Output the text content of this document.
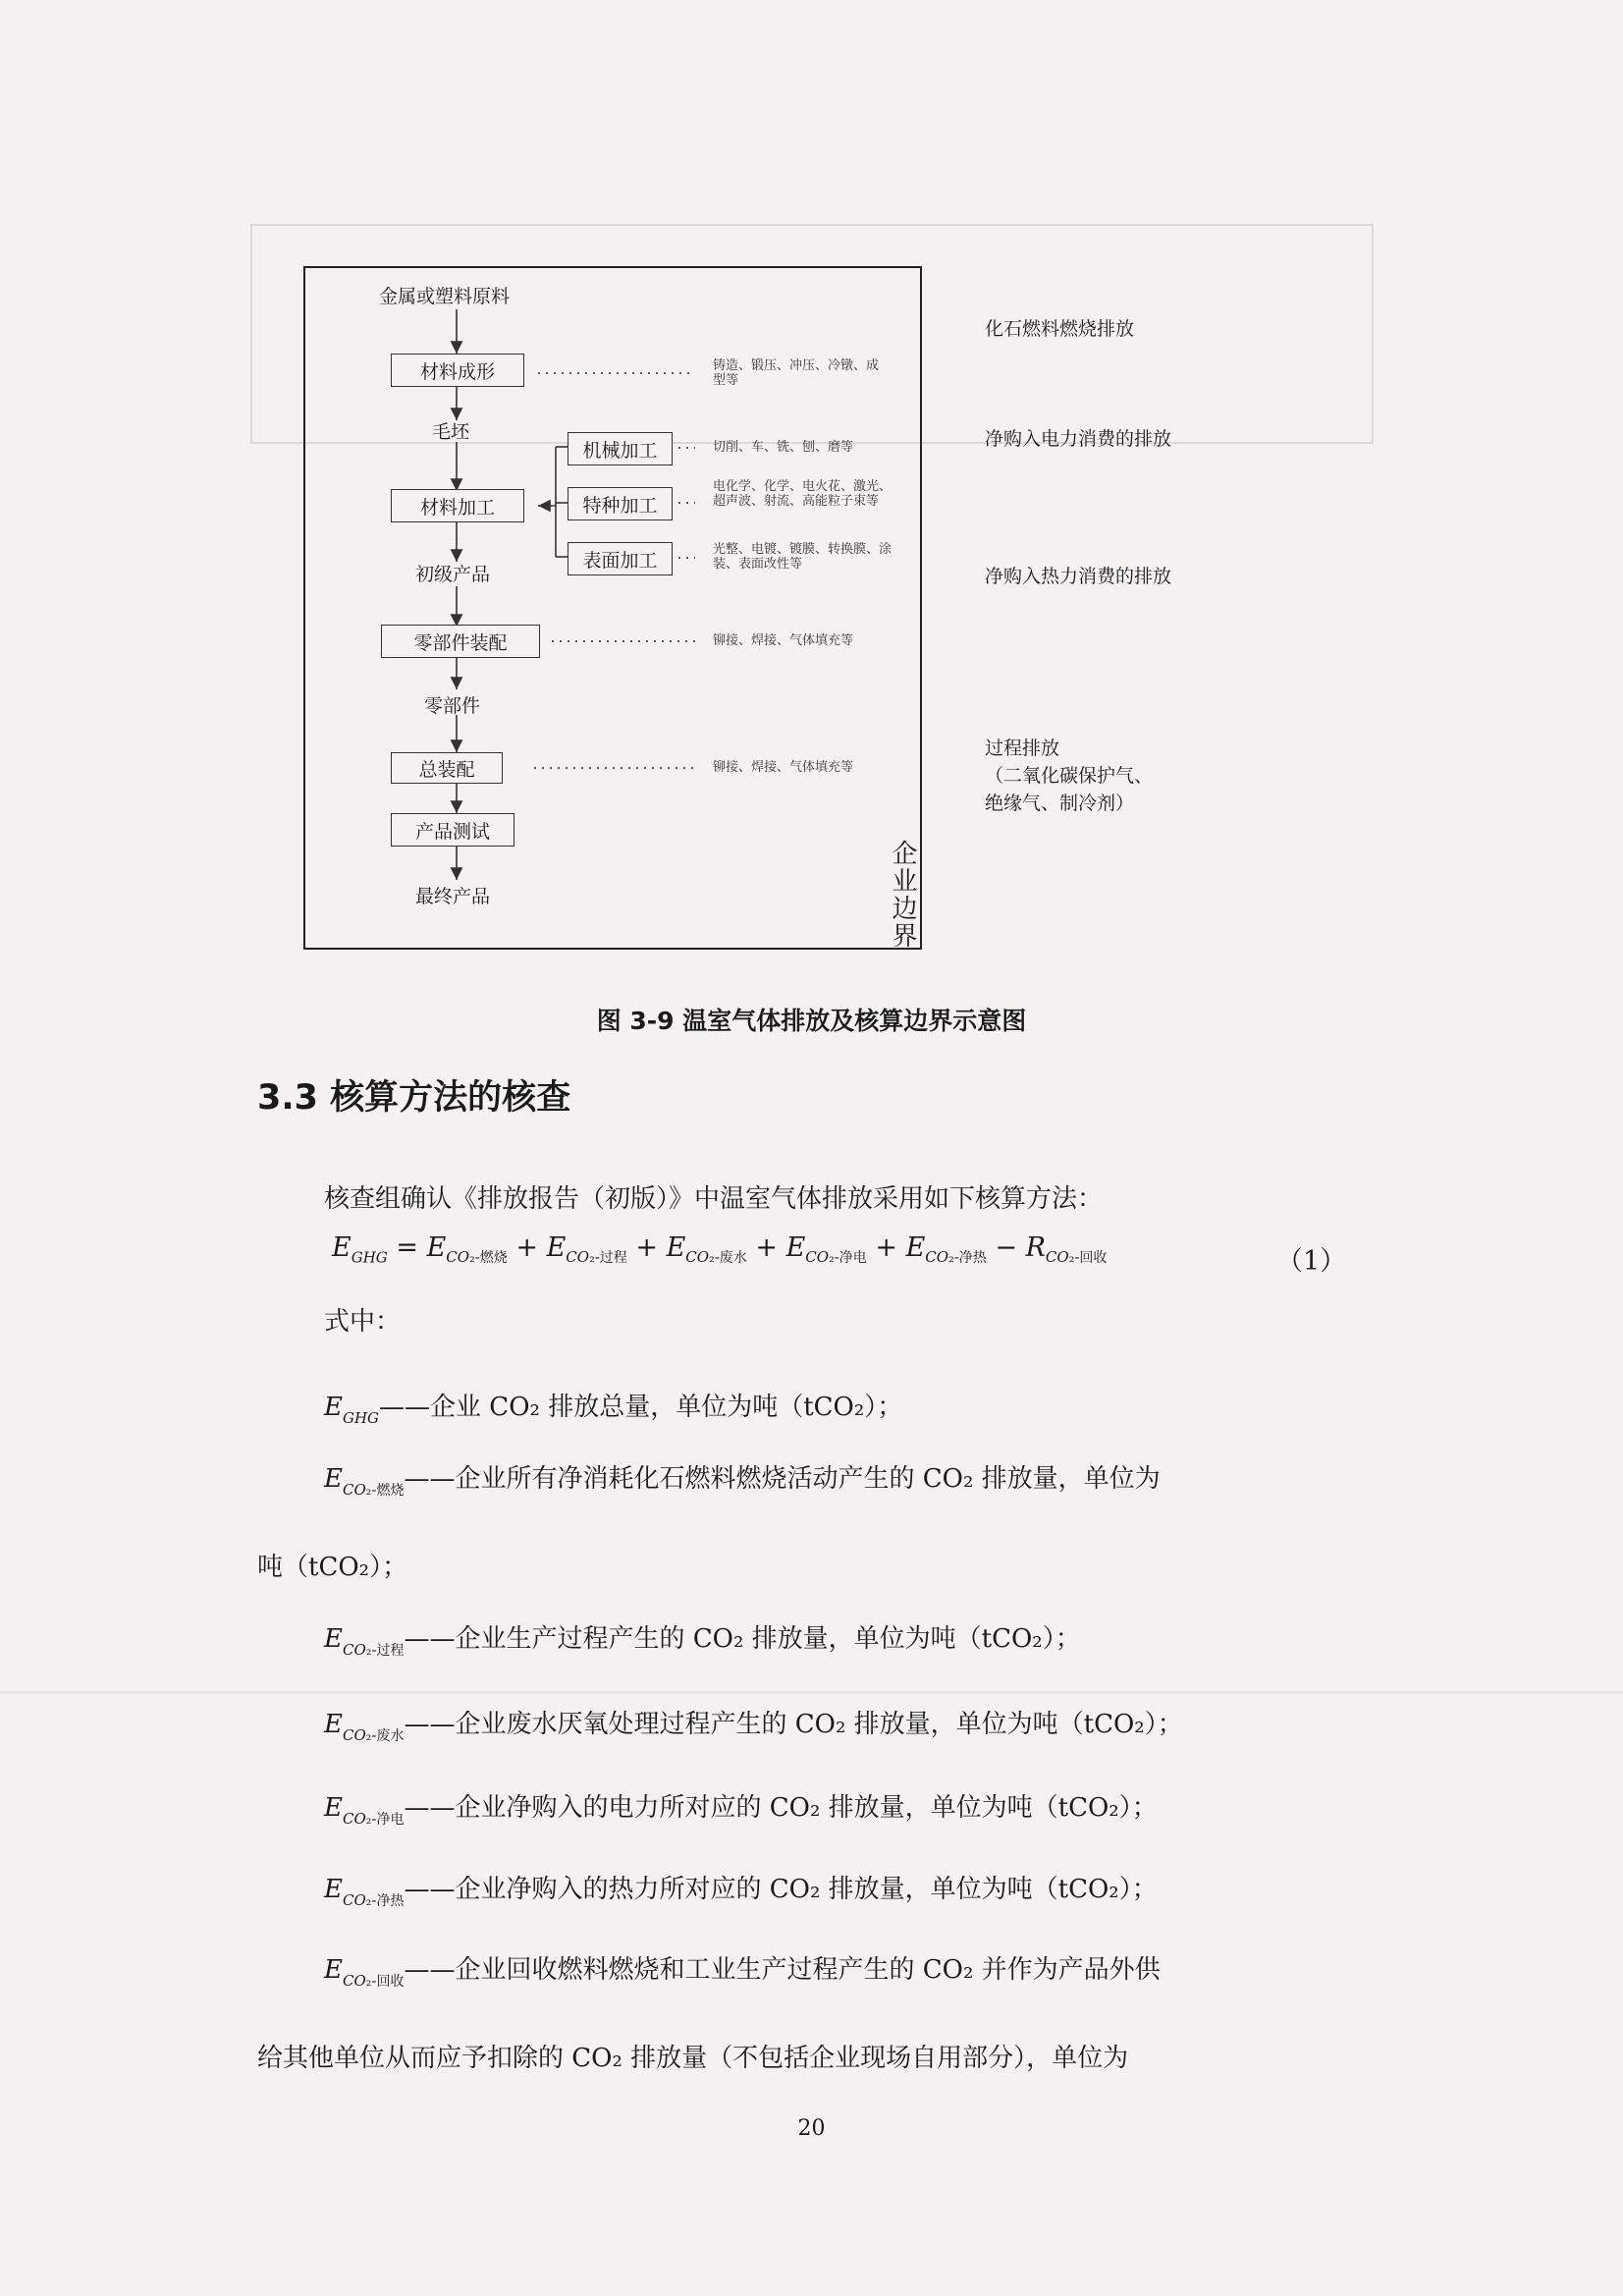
金属或塑料原料
材料成形
毛坯
材料加工
初级产品
零部件装配
零部件
总装配
产品测试
最终产品
机械加工
特种加工
表面加工
铸造、锻压、冲压、冷镦、成型等
切削、车、铣、刨、磨等
电化学、化学、电火花、激光、超声波、射流、高能粒子束等
光整、电镀、镀膜、转换膜、涂装、表面改性等
铆接、焊接、气体填充等
铆接、焊接、气体填充等
化石燃料燃烧排放
净购入电力消费的排放
净购入热力消费的排放
过程排放
（二氧化碳保护气、
绝缘气、制冷剂）
企业边界
图 3-9 温室气体排放及核算边界示意图
3.3 核算方法的核查
核查组确认《排放报告（初版）》中温室气体排放采用如下核算方法：
$E_{GHG} = E_{CO_2-燃烧} + E_{CO_2-过程} + E_{CO_2-废水} + E_{CO_2-净电} + E_{CO_2-净热} - R_{CO_2-回收}$	（1）
式中：
$E_{GHG}——$企业 CO₂ 排放总量，单位为吨（tCO₂）；
$E_{CO_2-燃烧}——$企业所有净消耗化石燃料燃烧活动产生的 CO₂ 排放量，单位为
吨（tCO₂）；
$E_{CO_2-过程}——$企业生产过程产生的 CO₂ 排放量，单位为吨（tCO₂）；
$E_{CO_2-废水}——$企业废水厌氧处理过程产生的 CO₂ 排放量，单位为吨（tCO₂）；
$E_{CO_2-净电}——$企业净购入的电力所对应的 CO₂ 排放量，单位为吨（tCO₂）；
$E_{CO_2-净热}——$企业净购入的热力所对应的 CO₂ 排放量，单位为吨（tCO₂）；
$E_{CO_2-回收}——$企业回收燃料燃烧和工业生产过程产生的 CO₂ 并作为产品外供
给其他单位从而应予扣除的 CO₂ 排放量（不包括企业现场自用部分），单位为
20
